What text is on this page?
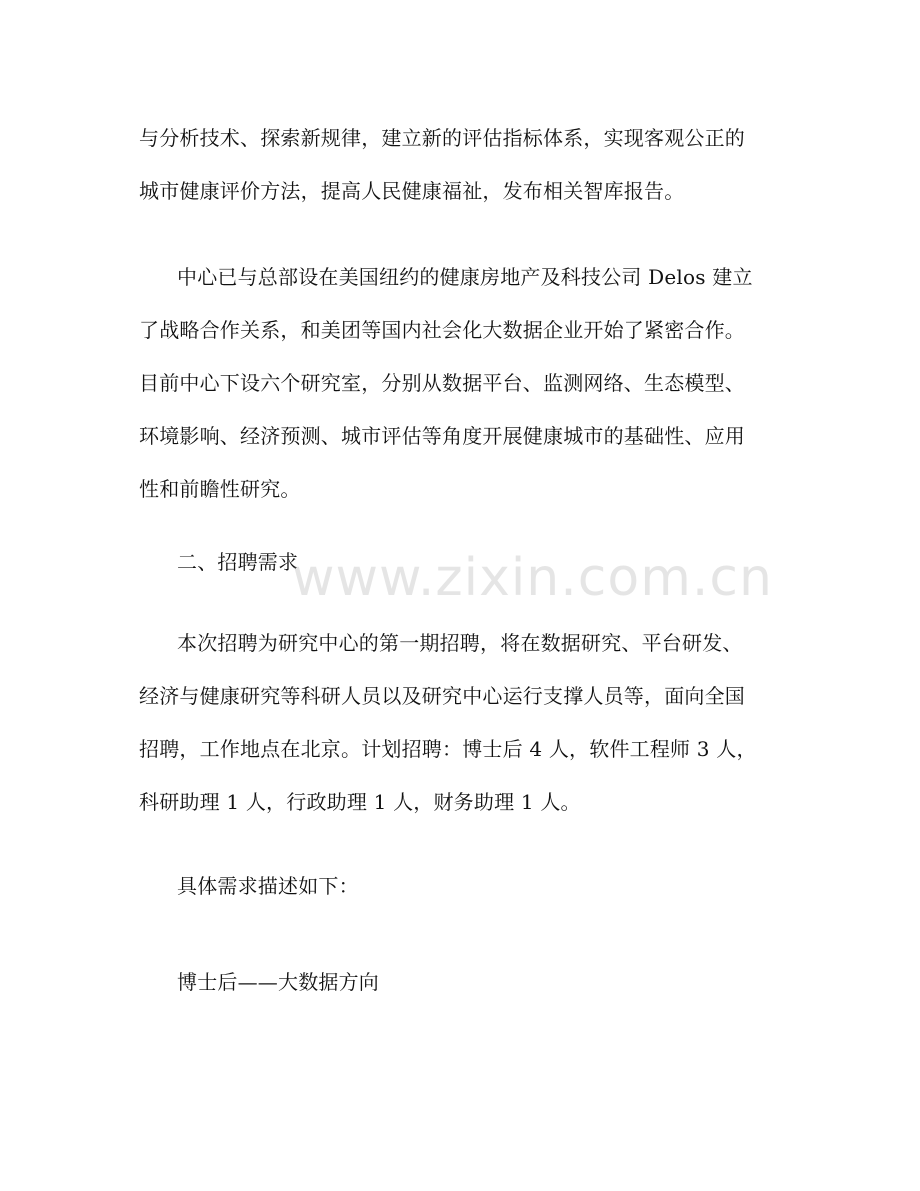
与分析技术、探索新规律，建立新的评估指标体系，实现客观公正的
城市健康评价方法，提高人民健康福祉，发布相关智库报告。
中心已与总部设在美国纽约的健康房地产及科技公司 Delos 建立
了战略合作关系，和美团等国内社会化大数据企业开始了紧密合作。
目前中心下设六个研究室，分别从数据平台、监测网络、生态模型、
环境影响、经济预测、城市评估等角度开展健康城市的基础性、应用
性和前瞻性研究。
二、招聘需求
本次招聘为研究中心的第一期招聘，将在数据研究、平台研发、
经济与健康研究等科研人员以及研究中心运行支撑人员等，面向全国
招聘，工作地点在北京。计划招聘：博士后 4 人，软件工程师 3 人，
科研助理 1 人，行政助理 1 人，财务助理 1 人。
具体需求描述如下：
博士后——大数据方向
www.zixin.com.cn
